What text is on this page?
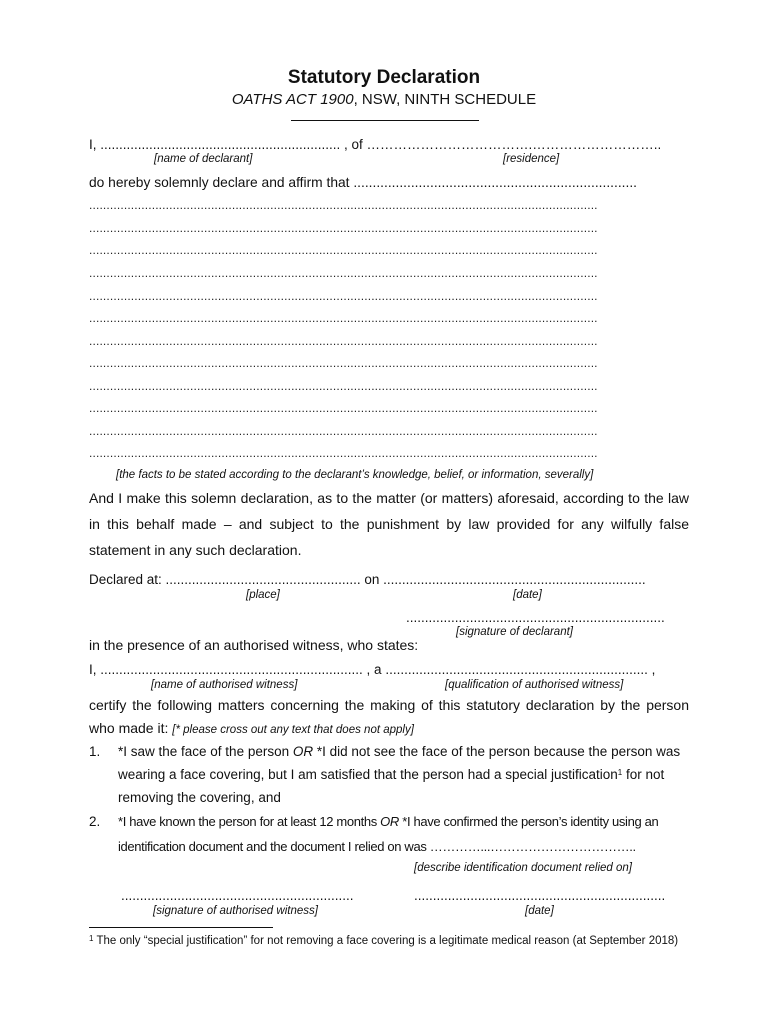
Statutory Declaration
OATHS ACT 1900, NSW, NINTH SCHEDULE
I, ................................................................ , of ……………………………….………………………..
[name of declarant]	[residence]
do hereby solemnly declare and affirm that ..........................................................................
..................................................................................................................................................
..................................................................................................................................................
..................................................................................................................................................
..................................................................................................................................................
..................................................................................................................................................
..................................................................................................................................................
..................................................................................................................................................
..................................................................................................................................................
..................................................................................................................................................
..................................................................................................................................................
..................................................................................................................................................
..................................................................................................................................................
[the facts to be stated according to the declarant’s knowledge, belief, or information, severally]
And I make this solemn declaration, as to the matter (or matters) aforesaid, according to the law in this behalf made – and subject to the punishment by law provided for any wilfully false statement in any such declaration.
Declared at: .................................................... on ......................................................................
[place]	[date]
.....................................................................
[signature of declarant]
in the presence of an authorised witness, who states:
I, ...................................................................... , a ...................................................................... ,
[name of authorised witness]	[qualification of authorised witness]
certify the following matters concerning the making of this statutory declaration by the person who made it: [* please cross out any text that does not apply]
1. *I saw the face of the person OR *I did not see the face of the person because the person was wearing a face covering, but I am satisfied that the person had a special justification$^1$ for not removing the covering, and
2. *I have known the person for at least 12 months OR *I have confirmed the person’s identity using an identification document and the document I relied on was …………...……………………………..
[describe identification document relied on]
..............................................................	...................................................................
[signature of authorised witness]	[date]
$^1$ The only “special justification” for not removing a face covering is a legitimate medical reason (at September 2018)
